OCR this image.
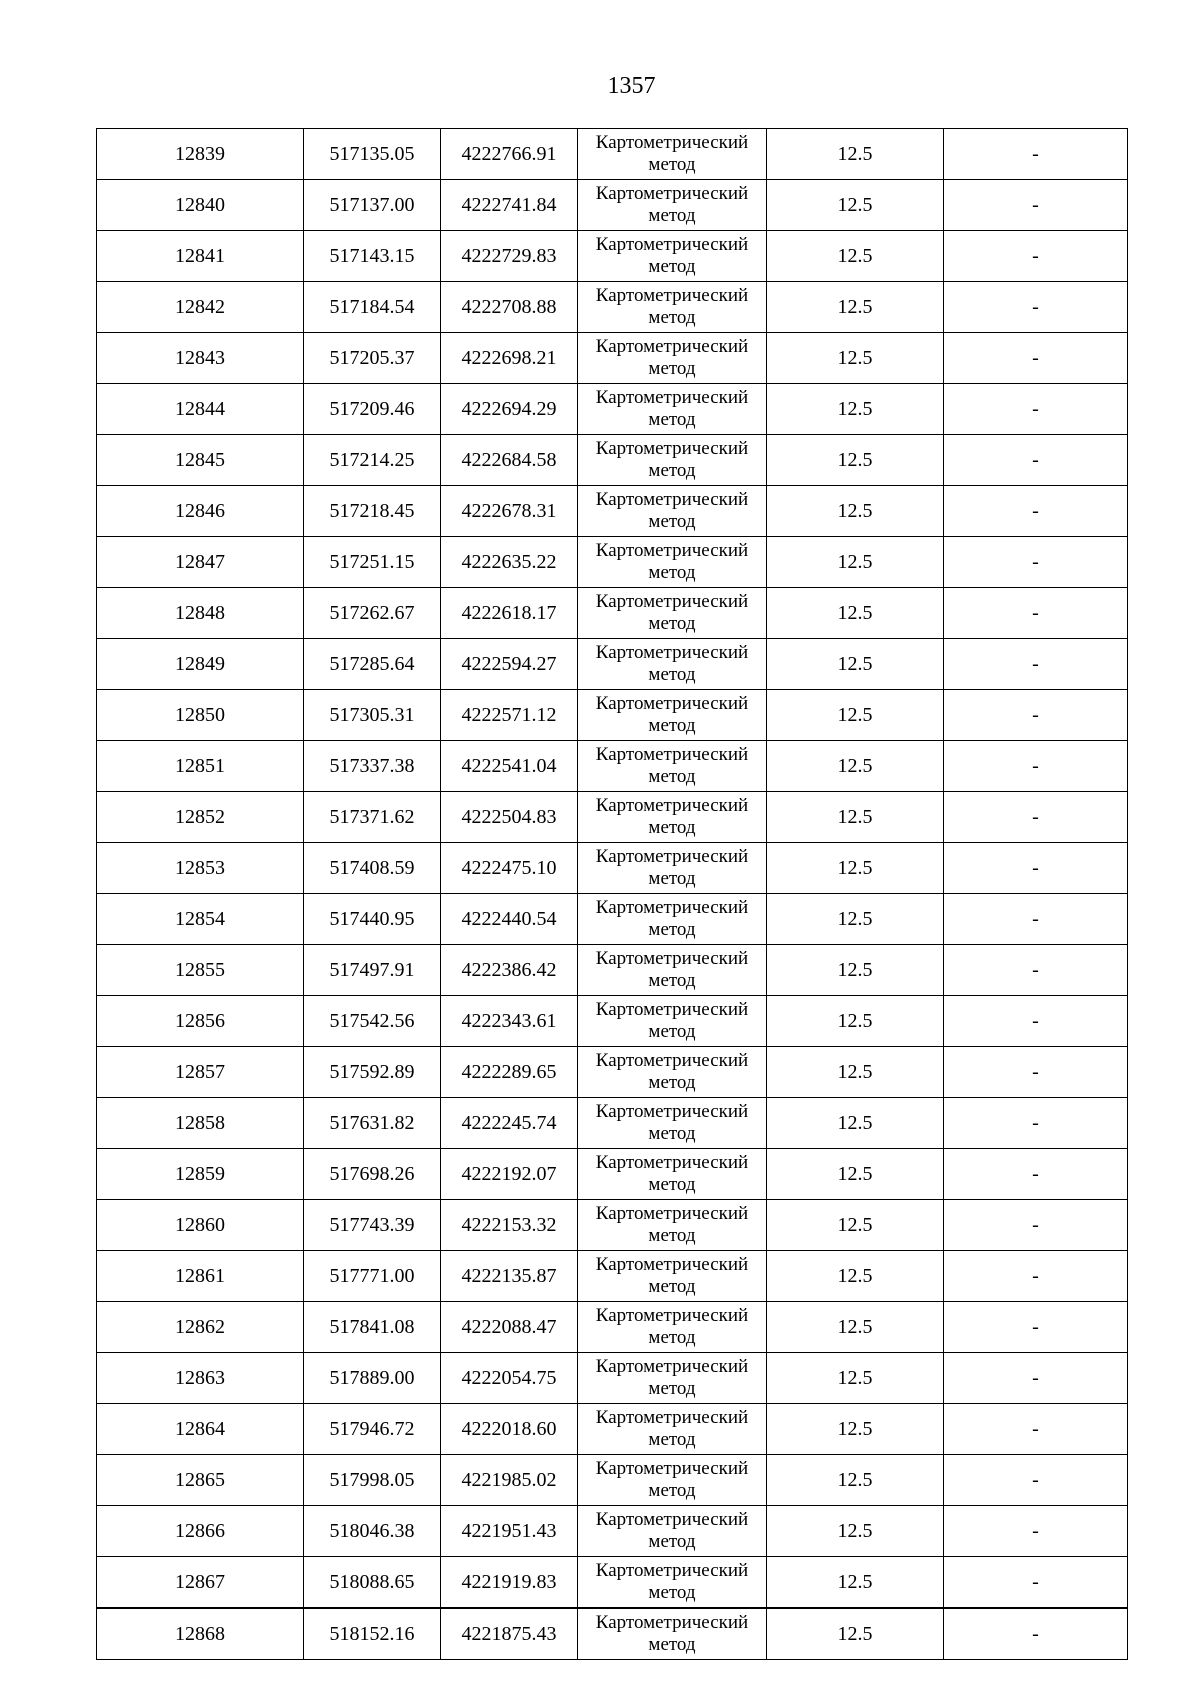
1357
12839	517135.05	4222766.91	Картометрический
метод	12.5	-
12840	517137.00	4222741.84	Картометрический
метод	12.5	-
12841	517143.15	4222729.83	Картометрический
метод	12.5	-
12842	517184.54	4222708.88	Картометрический
метод	12.5	-
12843	517205.37	4222698.21	Картометрический
метод	12.5	-
12844	517209.46	4222694.29	Картометрический
метод	12.5	-
12845	517214.25	4222684.58	Картометрический
метод	12.5	-
12846	517218.45	4222678.31	Картометрический
метод	12.5	-
12847	517251.15	4222635.22	Картометрический
метод	12.5	-
12848	517262.67	4222618.17	Картометрический
метод	12.5	-
12849	517285.64	4222594.27	Картометрический
метод	12.5	-
12850	517305.31	4222571.12	Картометрический
метод	12.5	-
12851	517337.38	4222541.04	Картометрический
метод	12.5	-
12852	517371.62	4222504.83	Картометрический
метод	12.5	-
12853	517408.59	4222475.10	Картометрический
метод	12.5	-
12854	517440.95	4222440.54	Картометрический
метод	12.5	-
12855	517497.91	4222386.42	Картометрический
метод	12.5	-
12856	517542.56	4222343.61	Картометрический
метод	12.5	-
12857	517592.89	4222289.65	Картометрический
метод	12.5	-
12858	517631.82	4222245.74	Картометрический
метод	12.5	-
12859	517698.26	4222192.07	Картометрический
метод	12.5	-
12860	517743.39	4222153.32	Картометрический
метод	12.5	-
12861	517771.00	4222135.87	Картометрический
метод	12.5	-
12862	517841.08	4222088.47	Картометрический
метод	12.5	-
12863	517889.00	4222054.75	Картометрический
метод	12.5	-
12864	517946.72	4222018.60	Картометрический
метод	12.5	-
12865	517998.05	4221985.02	Картометрический
метод	12.5	-
12866	518046.38	4221951.43	Картометрический
метод	12.5	-
12867	518088.65	4221919.83	Картометрический
метод	12.5	-
12868	518152.16	4221875.43	Картометрический
метод	12.5	-
